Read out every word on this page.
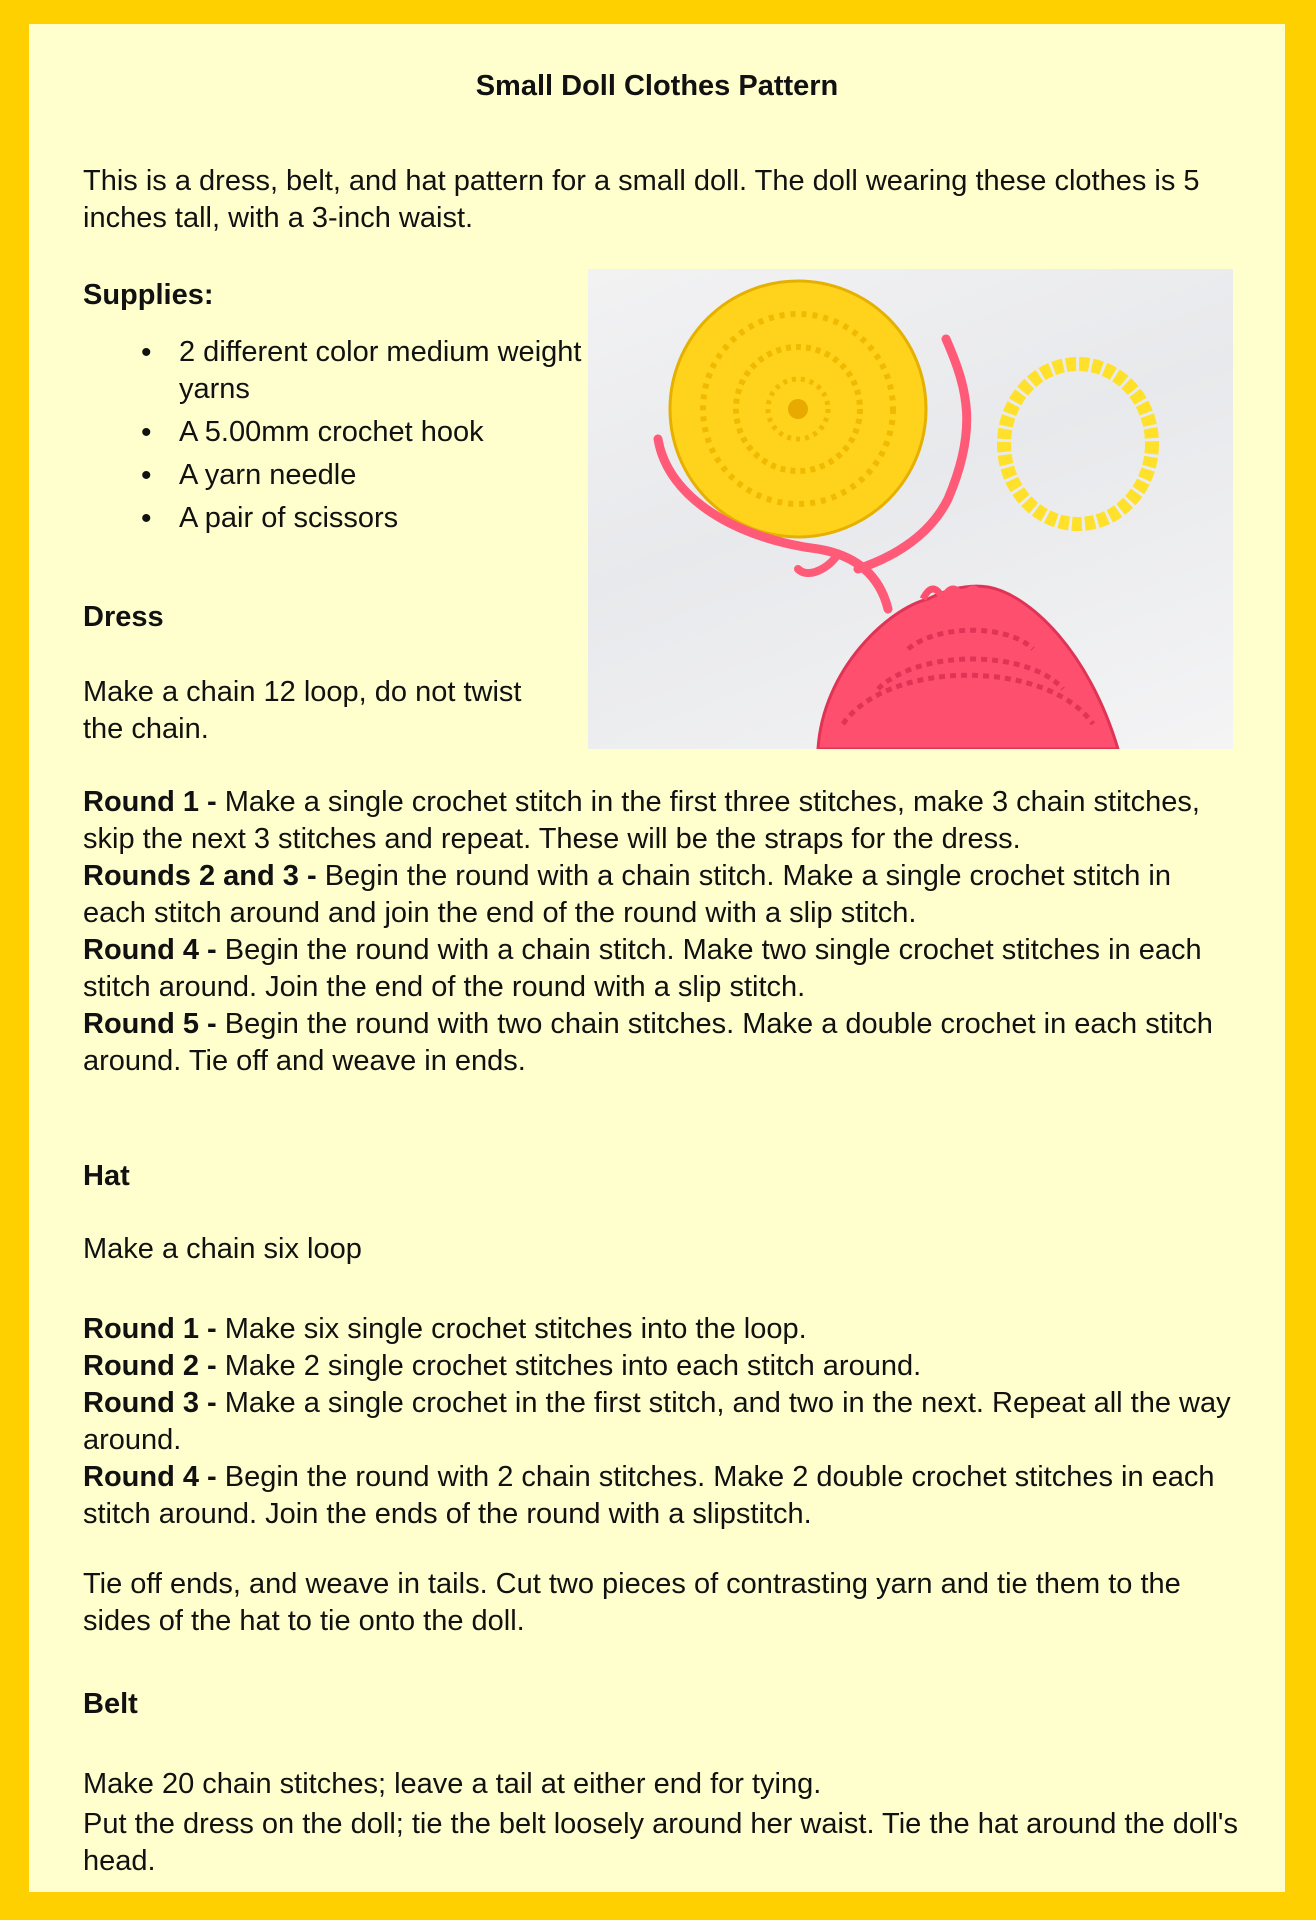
Small Doll Clothes Pattern

This is a dress, belt, and hat pattern for a small doll. The doll wearing these clothes is 5 inches tall, with a 3-inch waist.

Supplies:
• 2 different color medium weight yarns
• A 5.00mm crochet hook
• A yarn needle
• A pair of scissors
Dress

Make a chain 12 loop, do not twist the chain.

Round 1 - Make a single crochet stitch in the first three stitches, make 3 chain stitches, skip the next 3 stitches and repeat. These will be the straps for the dress.
Rounds 2 and 3 - Begin the round with a chain stitch. Make a single crochet stitch in each stitch around and join the end of the round with a slip stitch.
Round 4 - Begin the round with a chain stitch. Make two single crochet stitches in each stitch around. Join the end of the round with a slip stitch.
Round 5 - Begin the round with two chain stitches. Make a double crochet in each stitch around. Tie off and weave in ends.
Hat

Make a chain six loop

Round 1 - Make six single crochet stitches into the loop.
Round 2 - Make 2 single crochet stitches into each stitch around.
Round 3 - Make a single crochet in the first stitch, and two in the next. Repeat all the way around.
Round 4 - Begin the round with 2 chain stitches. Make 2 double crochet stitches in each stitch around. Join the ends of the round with a slipstitch.

Tie off ends, and weave in tails. Cut two pieces of contrasting yarn and tie them to the sides of the hat to tie onto the doll.

Belt

Make 20 chain stitches; leave a tail at either end for tying.

Put the dress on the doll; tie the belt loosely around her waist. Tie the hat around the doll's head.
